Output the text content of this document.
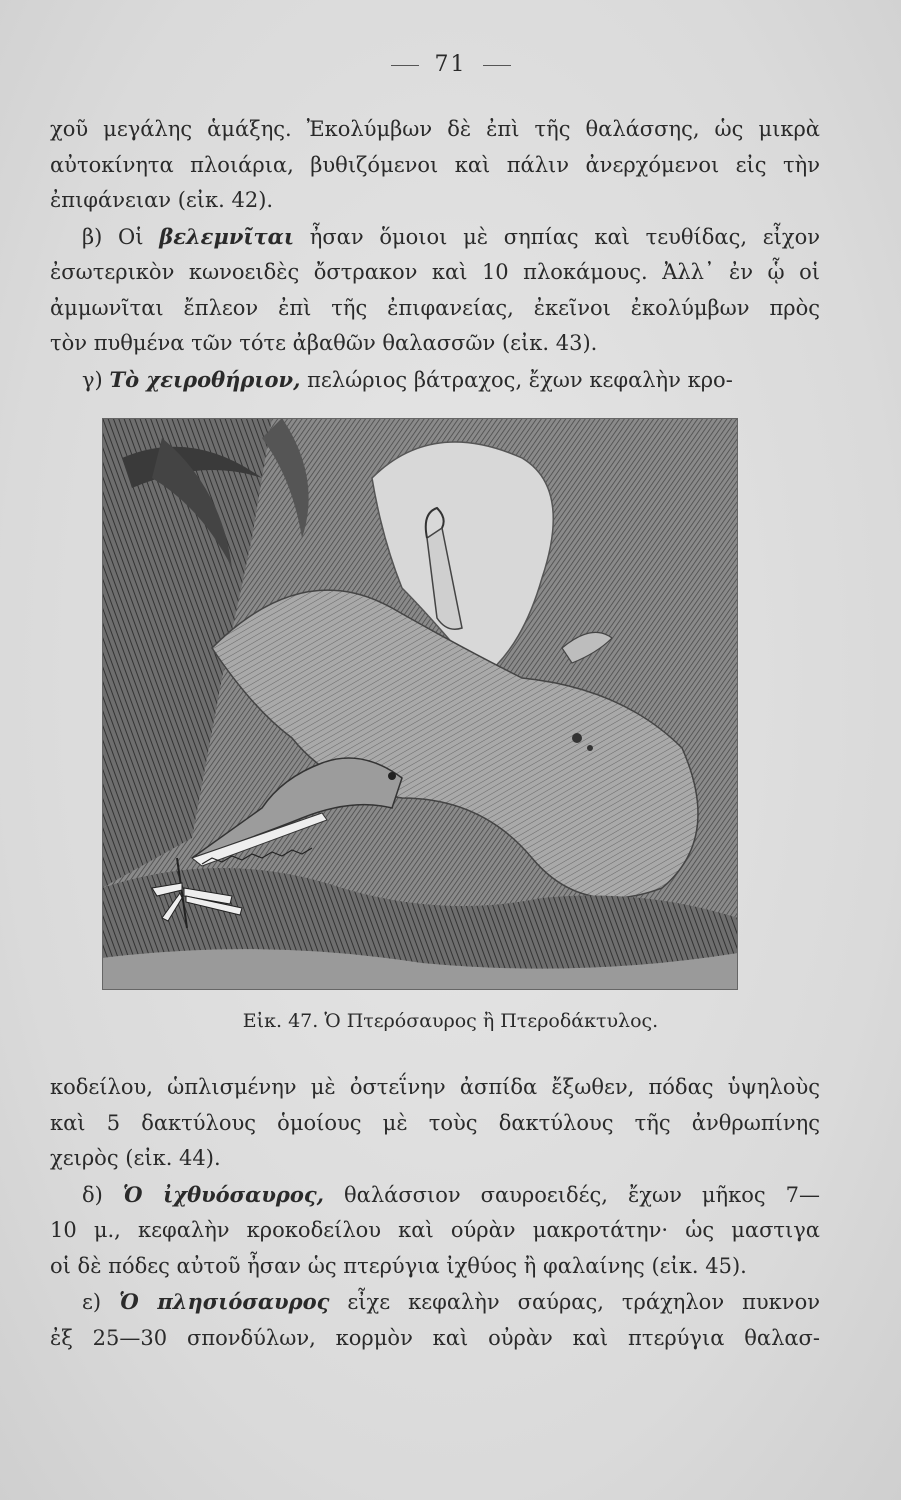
71
χοῦ μεγάλης ἁμάξης. Ἐκολύμβων δὲ ἐπὶ τῆς θαλάσσης, ὡς μικρὰ
αὐτοκίνητα πλοιάρια, βυθιζόμενοι καὶ πάλιν ἀνερχόμενοι εἰς τὴν
ἐπιφάνειαν (εἰκ. 42).
β) Οἱ βελεμνῖται ἦσαν ὅμοιοι μὲ σηπίας καὶ τευθίδας, εἶχον
ἐσωτερικὸν κωνοειδὲς ὄστρακον καὶ 10 πλοκάμους. Ἀλλ᾽ ἐν ᾧ οἱ
ἀμμωνῖται ἔπλεον ἐπὶ τῆς ἐπιφανείας, ἐκεῖνοι ἐκολύμβων πρὸς
τὸν πυθμένα τῶν τότε ἀβαθῶν θαλασσῶν (εἰκ. 43).
γ) Τὸ χειροθήριον, πελώριος βάτραχος, ἔχων κεφαλὴν κρο-
Εἰκ. 47. Ὁ Πτερόσαυρος ἢ Πτεροδάκτυλος.
κοδείλου, ὡπλισμένην μὲ ὀστεΐνην ἀσπίδα ἔξωθεν, πόδας ὑψηλοὺς
καὶ 5 δακτύλους ὁμοίους μὲ τοὺς δακτύλους τῆς ἀνθρωπίνης
χειρὸς (εἰκ. 44).
δ) Ὁ ἰχθυόσαυρος, θαλάσσιον σαυροειδές, ἔχων μῆκος 7—
10 μ., κεφαλὴν κροκοδείλου καὶ ούρὰν μακροτάτην· ὡς μαστιγα
οἱ δὲ πόδες αὐτοῦ ἦσαν ὡς πτερύγια ἰχθύος ἢ φαλαίνης (εἰκ. 45).
ε) Ὁ πλησιόσαυρος εἶχε κεφαλὴν σαύρας, τράχηλον πυκνον
ἐξ 25—30 σπονδύλων, κορμὸν καὶ οὐρὰν καὶ πτερύγια θαλασ-
